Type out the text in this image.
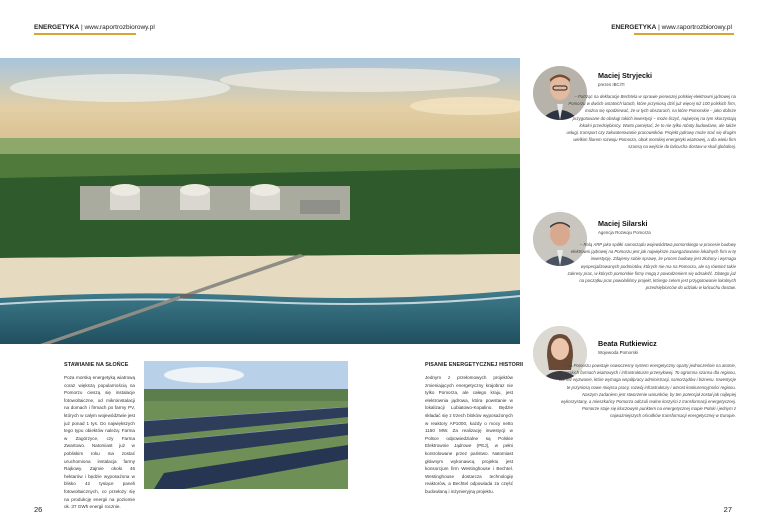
ENERGETYKA | www.raportrozbiorowy.pl	ENERGETYKA | www.raportrozbiorowy.pl
STAWIANIE NA SŁOŃCE
Poza morską energetyką wiatrową coraz większą popularnością na Pomorzu cieszą się instalacje fotowoltaiczne, od mikroinstalacji na domach i firmach po farmy PV, których w całym województwie jest już ponad 1 tys. Do największych tego typu obiektów należą: Farma w Zagórzyce, czy Farma Zwartowo. Natomiast już w pobliskim roku ma zostać uruchomiona instalacja farmy Rajkowy. Zajmie około 46 hektarów i będzie wyposażona w blisko 42 tysiące paneli fotowoltaicznych, co przełoży się na produkcję energii na poziomie ok. 37 GWh energii rocznie.
PISANIE ENERGETYCZNEJ HISTORII
Jednym z przełomowych projektów zmieniających energetyczny krajobraz nie tylko Pomorza, ale całego kraju, jest elektrownia jądrowa, która powstanie w lokalizacji Lubiatowo-Kopalino. Będzie składać się z trzech bloków wyposażonych w reaktory AP1000, każdy o mocy netto 1150 MW. Za realizację inwestycji w Polsce odpowiedzialne są Polskie Elektrownie Jądrowe (PEJ), w pełni kontrolowane przez państwo. Natomiast głównym wykonawcą projektu jest konsorcjum firm Westinghouse i Bechtel. Westinghouse dostarcza technologię reaktorów, a Bechtel odpowiada za część budowlaną i inżynieryjną projektu.
26	27
Maciej Stryjecki
prezes IBCiTI
– Patrząc na deklaracje Bechtela w sprawie pierwszej polskiej elektrowni jądrowej na Pomorzu w dwóch ostatnich latach, które przyniosą dziś już więcej niż 100 polskich firm, można się spodziewać, że w tych obszarach, na które Pomorskie – jako dobrze przygotowane do obsługi takich inwestycji – może liczyć, najwięcej na tym skorzystają lokalni przedsiębiorcy. Warto pamiętać, że to nie tylko roboty budowlane, ale także usługi, transport czy zakwaterowanie pracowników. Projekt jądrowy może stać się drugim wielkim filarem rozwoju Pomorza, obok morskiej energetyki wiatrowej, a dla wielu firm szansą na wejście do łańcucha dostaw w skali globalnej.
Maciej Silarski
Agencja Rozwoju Pomorza
– Rolą ARP jako spółki samorządu województwa pomorskiego w procesie budowy elektrowni jądrowej na Pomorzu jest jak największe zaangażowanie lokalnych firm w tę inwestycję. Zdajemy sobie sprawę, że proces budowy jest złożony i wymaga wyspecjalizowanych podmiotów, których nie ma na Pomorzu, ale są również takie zakresy prac, w których pomorskie firmy mogą z powodzeniem się odnaleźć. Dlatego już na początku prac powołaliśmy projekt, którego celem jest przygotowanie lokalnych przedsiębiorców do udziału w łańcuchu dostaw.
Beata Rutkiewicz
Wojewoda Pomorski
– Na Pomorzu powstaje nowoczesny system energetyczny oparty jednocześnie na atomie, morskich farmach wiatrowych i infrastrukturze przesyłowej. To ogromna szansa dla regionu, ale też wyzwanie, które wymaga współpracy administracji, samorządów i biznesu. Inwestycje te przyniosą nowe miejsca pracy, rozwój infrastruktury i wzrost konkurencyjności regionu. Naszym zadaniem jest stworzenie warunków, by ten potencjał został jak najlepiej wykorzystany, a mieszkańcy Pomorza odczuli realne korzyści z transformacji energetycznej. Pomorze staje się kluczowym punktem na energetycznej mapie Polski i jednym z najważniejszych ośrodków transformacji energetycznej w Europie.
